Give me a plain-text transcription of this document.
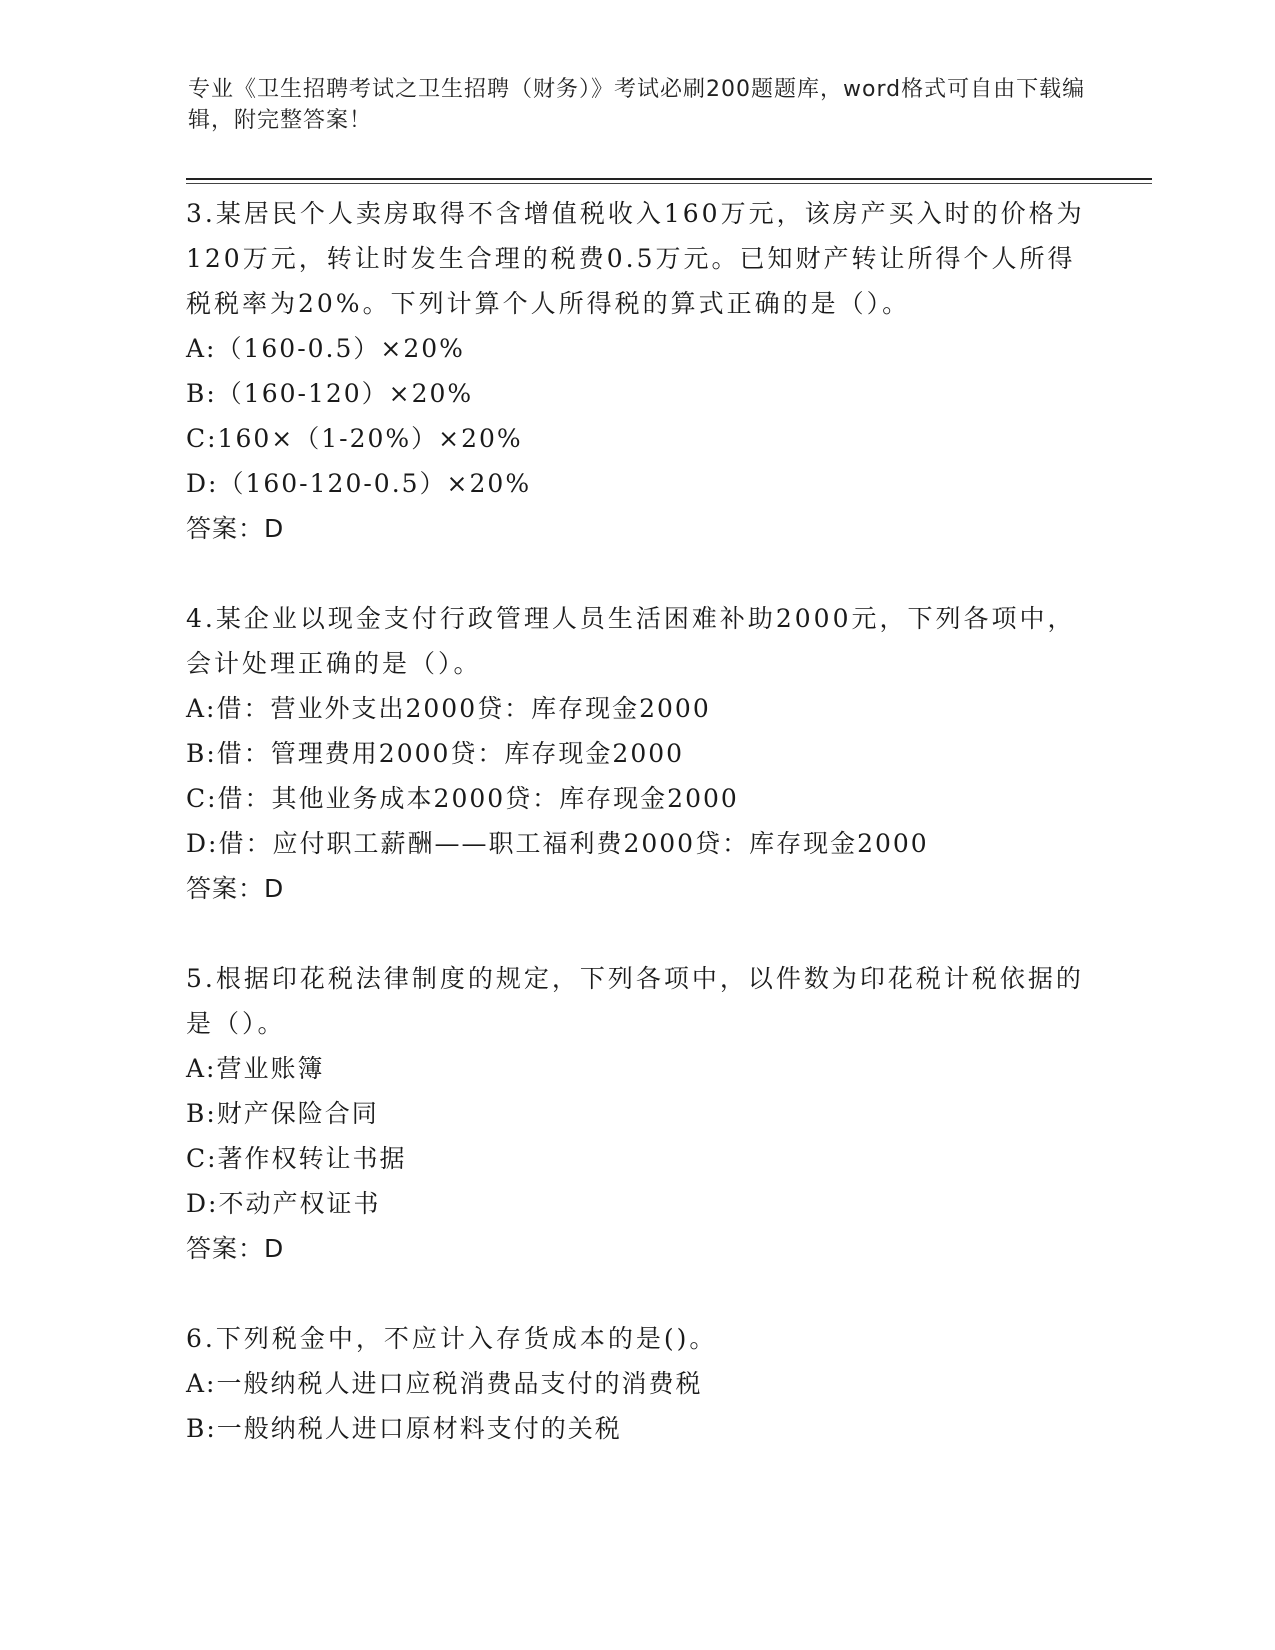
专业《卫生招聘考试之卫生招聘（财务）》考试必刷200题题库，word格式可自由下载编辑，附完整答案！
3.某居民个人卖房取得不含增值税收入160万元，该房产买入时的价格为120万元，转让时发生合理的税费0.5万元。已知财产转让所得个人所得税税率为20%。下列计算个人所得税的算式正确的是（）。
A:（160-0.5）×20%
B:（160-120）×20%
C:160×（1-20%）×20%
D:（160-120-0.5）×20%
答案：D
4.某企业以现金支付行政管理人员生活困难补助2000元，下列各项中，会计处理正确的是（）。
A:借：营业外支出2000贷：库存现金2000
B:借：管理费用2000贷：库存现金2000
C:借：其他业务成本2000贷：库存现金2000
D:借：应付职工薪酬——职工福利费2000贷：库存现金2000
答案：D
5.根据印花税法律制度的规定，下列各项中，以件数为印花税计税依据的是（）。
A:营业账簿
B:财产保险合同
C:著作权转让书据
D:不动产权证书
答案：D
6.下列税金中，不应计入存货成本的是()。
A:一般纳税人进口应税消费品支付的消费税
B:一般纳税人进口原材料支付的关税
